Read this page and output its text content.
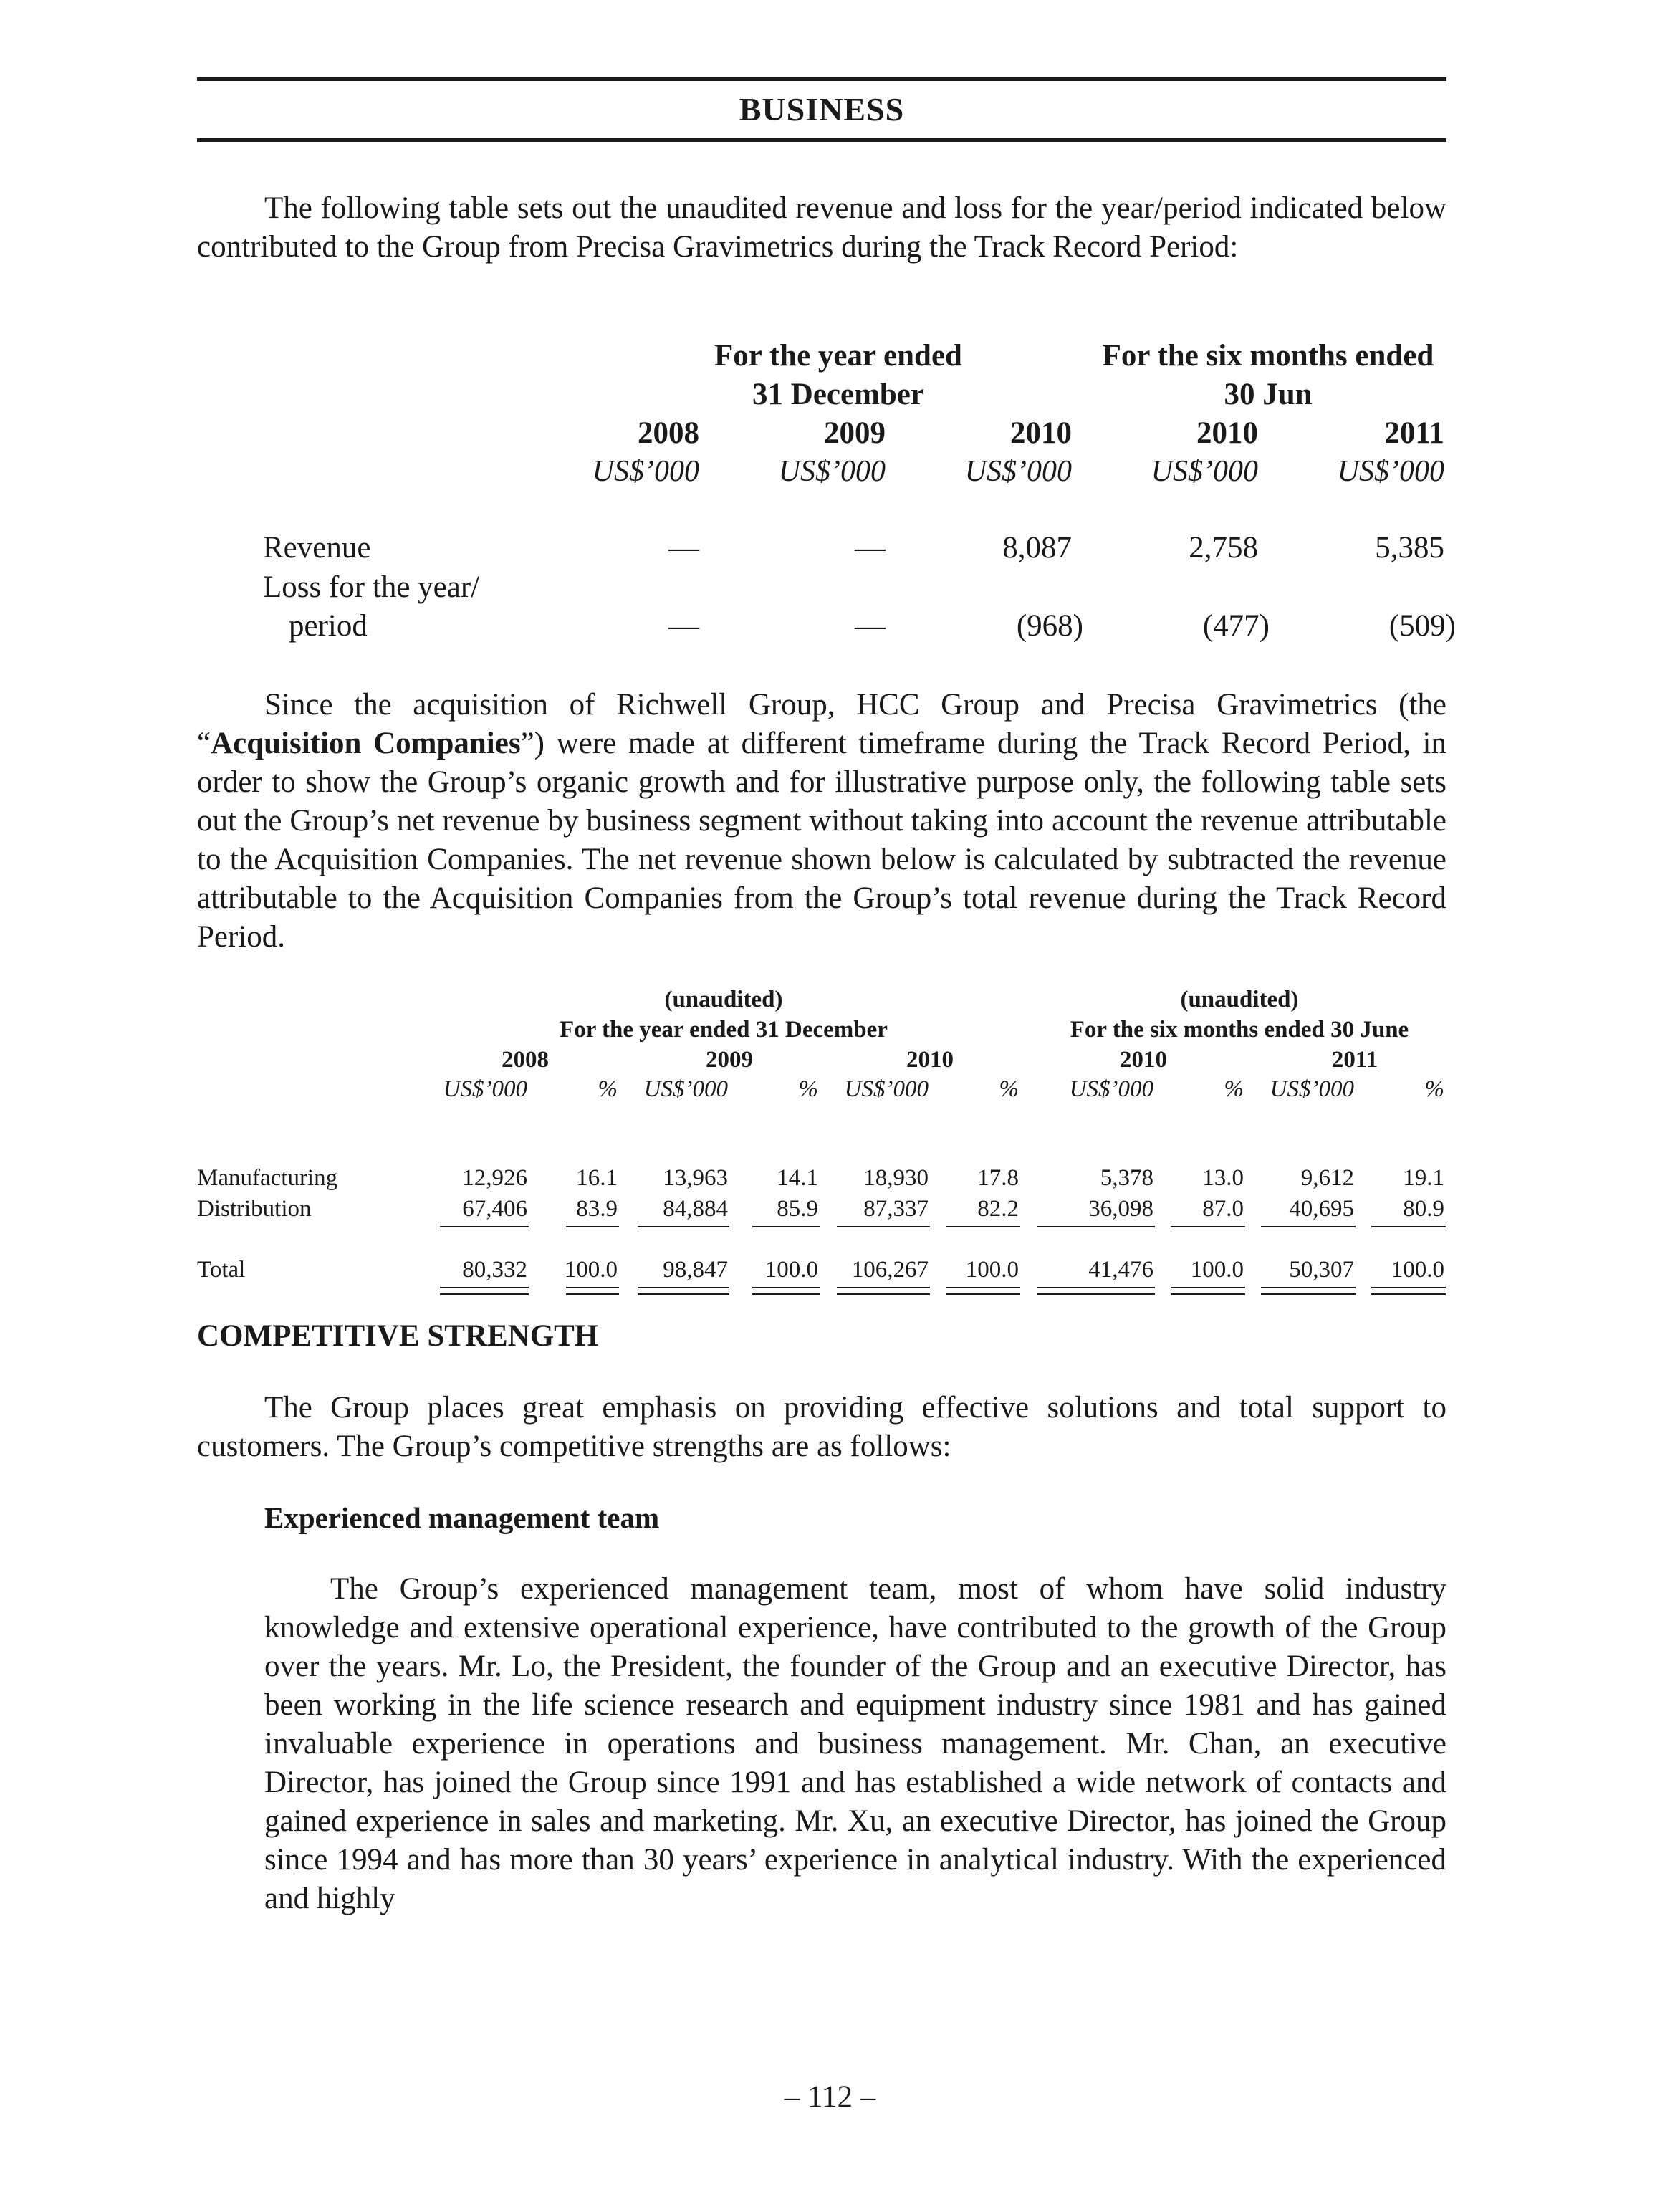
BUSINESS

The following table sets out the unaudited revenue and loss for the year/period indicated below contributed to the Group from Precisa Gravimetrics during the Track Record Period:

For the year ended
31 December
For the six months ended
30 Jun
2008	2009	2010	2010	2011
US$’000	US$’000	US$’000	US$’000	US$’000
Revenue	—	—	8,087	2,758	5,385
Loss for the year/
period	—	—	(968)	(477)	(509)

Since the acquisition of Richwell Group, HCC Group and Precisa Gravimetrics (the “Acquisition Companies”) were made at different timeframe during the Track Record Period, in order to show the Group’s organic growth and for illustrative purpose only, the following table sets out the Group’s net revenue by business segment without taking into account the revenue attributable to the Acquisition Companies. The net revenue shown below is calculated by subtracted the revenue attributable to the Acquisition Companies from the Group’s total revenue during the Track Record Period.

(unaudited)	(unaudited)
For the year ended 31 December	For the six months ended 30 June
2008	2009	2010	2010	2011
US$’000	%	US$’000	%	US$’000	%	US$’000	%	US$’000	%
Manufacturing	12,926	16.1	13,963	14.1	18,930	17.8	5,378	13.0	9,612	19.1
Distribution	67,406	83.9	84,884	85.9	87,337	82.2	36,098	87.0	40,695	80.9
Total	80,332	100.0	98,847	100.0	106,267	100.0	41,476	100.0	50,307	100.0
COMPETITIVE STRENGTH

The Group places great emphasis on providing effective solutions and total support to customers. The Group’s competitive strengths are as follows:

Experienced management team

The Group’s experienced management team, most of whom have solid industry knowledge and extensive operational experience, have contributed to the growth of the Group over the years. Mr. Lo, the President, the founder of the Group and an executive Director, has been working in the life science research and equipment industry since 1981 and has gained invaluable experience in operations and business management. Mr. Chan, an executive Director, has joined the Group since 1991 and has established a wide network of contacts and gained experience in sales and marketing. Mr. Xu, an executive Director, has joined the Group since 1994 and has more than 30 years’ experience in analytical industry. With the experienced and highly

– 112 –
